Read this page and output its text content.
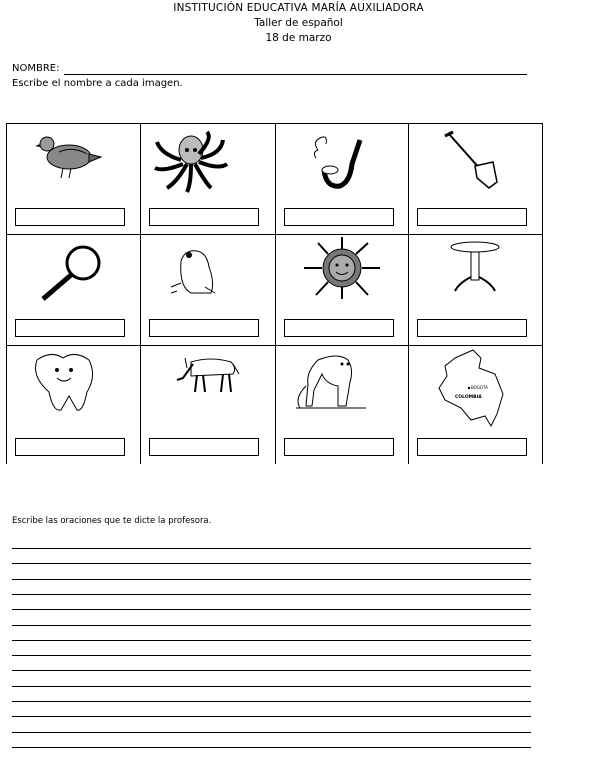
INSTITUCIÓN EDUCATIVA MARÍA AUXILIADORA
Taller de español
18 de marzo
NOMBRE:
Escribe el nombre a cada imagen.
BOGOTA
COLOMBIA
Escribe las oraciones que te dicte la profesora.
